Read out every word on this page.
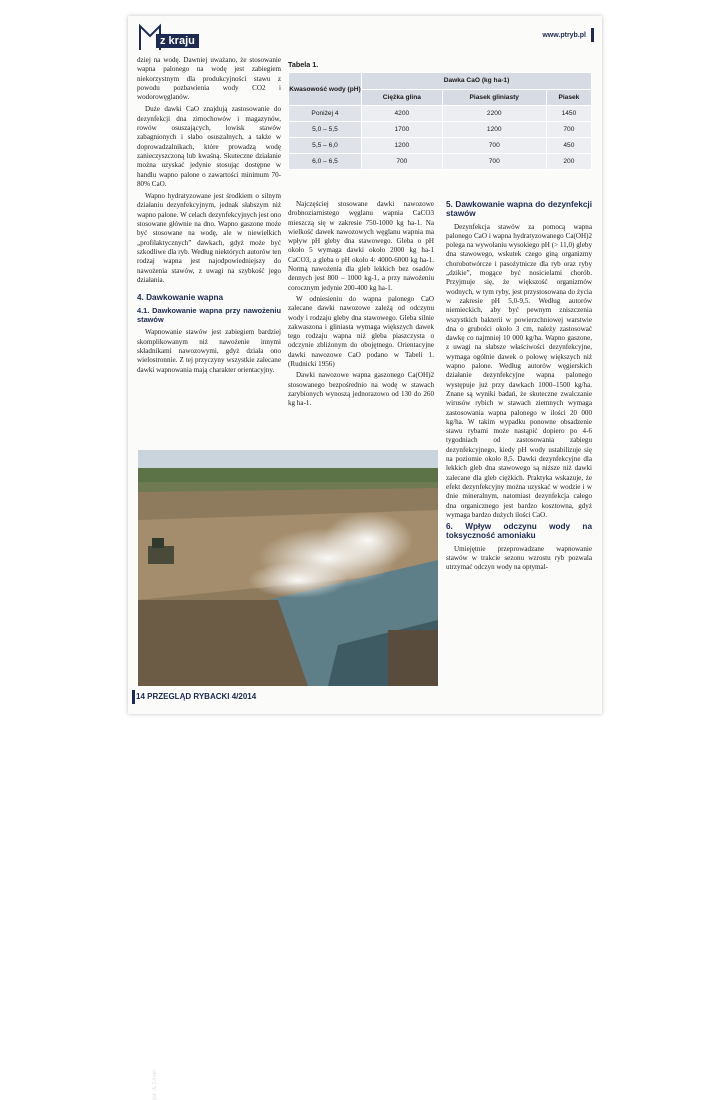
z kraju	www.ptryb.pl

dziej na wodę. Dawniej uważano, że stosowanie wapna palonego na wodę jest zabiegiem niekorzystnym dla produkcyjności stawu z powodu pozbawienia wody CO2 i wodorowęglanów.

Duże dawki CaO znajdują zastosowanie do dezynfekcji dna zimochowów i magazynów, rowów osuszających, lowisk stawów zabagnionych i słabo osuszalnych, a także w doprowadzalnikach, które prowadzą wodę zanieczyszczoną lub kwaśną. Skuteczne działanie można uzyskać jedynie stosując dostępne w handlu wapno palone o zawartości minimum 70-80% CaO.

Wapno hydratyzowane jest środkiem o silnym działaniu dezynfekcyjnym, jednak słabszym niż wapno palone. W celach dezynfekcyjnych jest ono stosowane głównie na dno. Wapno gaszone może być stosowane na wodę, ale w niewielkich „profilaktycznych” dawkach, gdyż może być szkodliwe dla ryb. Według niektórych autorów ten rodzaj wapna jest najodpowiedniejszy do nawożenia stawów, z uwagi na szybkość jego działania.

4. Dawkowanie wapna
4.1. Dawkowanie wapna przy nawożeniu stawów

Wapnowanie stawów jest zabiegiem bardziej skomplikowanym niż nawożenie innymi składnikami nawozowymi, gdyż działa ono wielostronnie. Z tej przyczyny wszystkie zalecane dawki wapnowania mają charakter orientacyjny.

Tabela 1.
Kwasowość wody (pH)	Dawka CaO (kg ha-1)		
	Ciężka glina	Piasek gliniasty	Piasek
Poniżej 4	4200	2200	1450
5,0 – 5,5	1700	1200	700
5,5 – 6,0	1200	700	450
6,0 – 6,5	700	700	200

Najczęściej stosowane dawki nawozowe drobnoziarnistego węglanu wapnia CaCO3 mieszczą się w zakresie 750-1000 kg ha-1. Na wielkość dawek nawozowych węglanu wapnia ma wpływ pH gleby dna stawowego. Gleba o pH około 5 wymaga dawki około 2000 kg ha-1 CaCO3, a gleba o pH około 4: 4000-6000 kg ha-1. Normą nawożenia dla gleb lekkich bez osadów dennych jest 800 – 1000 kg-1, a przy nawożeniu corocznym jedynie 200-400 kg ha-1.

W odniesieniu do wapna palonego CaO zalecane dawki nawozowe zależą od odczynu wody i rodzaju gleby dna stawowego. Gleba silnie zakwaszona i gliniasta wymaga większych dawek tego rodzaju wapna niż gleba piaszczysta o odczynie zbliżonym do obojętnego. Orientacyjne dawki nawozowe CaO podano w Tabeli 1. (Rudnicki 1956)

Dawki nawozowe wapna gaszonego Ca(OH)2 stosowanego bezpośrednio na wodę w stawach zarybionych wynoszą jednorazowo od 130 do 260 kg ha-1.

5. Dawkowanie wapna do dezynfekcji stawów

Dezynfekcja stawów za pomocą wapna palonego CaO i wapna hydratyzowanego Ca(OH)2 polega na wywołaniu wysokiego pH (> 11,0) gleby dna stawowego, wskutek czego giną organizmy chorobotwórcze i pasożytnicze dla ryb oraz ryby „dzikie”, mogące być nosicielami chorób. Przyjmuje się, że większość organizmów wodnych, w tym ryby, jest przystosowana do życia w zakresie pH 5,0-9,5. Według autorów niemieckich, aby być pewnym zniszczenia wszystkich bakterii w powierzchniowej warstwie dna o grubości około 3 cm, należy zastosować dawkę co najmniej 10 000 kg/ha. Wapno gaszone, z uwagi na słabsze właściwości dezynfekcyjne, wymaga ogólnie dawek o połowę większych niż wapno palone. Według autorów węgierskich działanie dezynfekcyjne wapna palonego występuje już przy dawkach 1000–1500 kg/ha. Znane są wyniki badań, że skuteczne zwalczanie wirusów rybich w stawach ziemnych wymaga zastosowania wapna palonego w ilości 20 000 kg/ha. W takim wypadku ponowne obsadzenie stawu rybami może nastąpić dopiero po 4-6 tygodniach od zastosowania zabiegu dezynfekcyjnego, kiedy pH wody ustabilizuje się na poziomie około 8,5. Dawki dezynfekcyjne dla lekkich gleb dna stawowego są niższe niż dawki zalecane dla gleb ciężkich. Praktyka wskazuje, że efekt dezynfekcyjny można uzyskać w wodzie i w dnie mineralnym, natomiast dezynfekcja całego dna organicznego jest bardzo kosztowna, gdyż wymaga bardzo dużych ilości CaO.

6. Wpływ odczynu wody na toksyczność amoniaku

Umiejętnie przeprowadzane wapnowanie stawów w trakcie sezonu wzrostu ryb pozwala utrzymać odczyn wody na optymal-

fot. A. Lirski
14 PRZEGLĄD RYBACKI 4/2014
